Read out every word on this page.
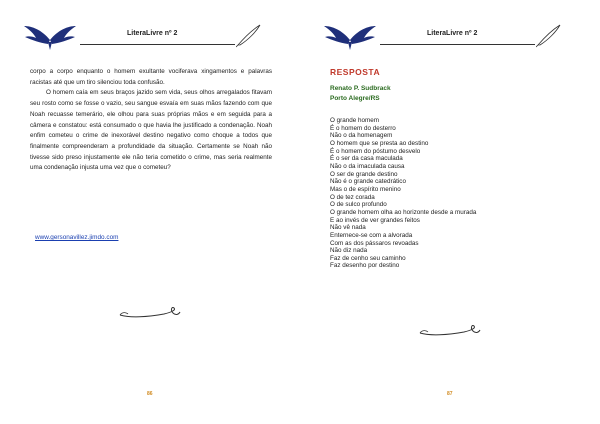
LiteraLivre nº 2

corpo a corpo enquanto o homem exultante vociferava xingamentos e palavras racistas até que um tiro silenciou toda confusão.

O homem caía em seus braços jazido sem vida, seus olhos arregalados fitavam seu rosto como se fosse o vazio, seu sangue esvaía em suas mãos fazendo com que Noah recuasse temerário, ele olhou para suas próprias mãos e em seguida para a câmera e constatou: está consumado o que havia lhe justificado a condenação. Noah enfim cometeu o crime de inexorável destino negativo como choque a todos que finalmente compreenderam a profundidade da situação. Certamente se Noah não tivesse sido preso injustamente ele não teria cometido o crime, mas seria realmente uma condenação injusta uma vez que o cometeu?

www.gersonavillez.jimdo.com
86
LiteraLivre nº 2
RESPOSTA
Renato P. Sudbrack
Porto Alegre/RS
O grande homem
É o homem do desterro
Não o da homenagem
O homem que se presta ao destino
É o homem do póstumo desvelo
É o ser da casa maculada
Não o da imaculada causa
O ser de grande destino
Não é o grande catedrático
Mas o de espírito menino
O de tez corada
O de sulco profundo
O grande homem olha ao horizonte desde a murada
E ao invés de ver grandes feitos
Não vê nada
Enternece-se com a alvorada
Com as dos pássaros revoadas
Não diz nada
Faz de cenho seu caminho
Faz desenho por destino
87
